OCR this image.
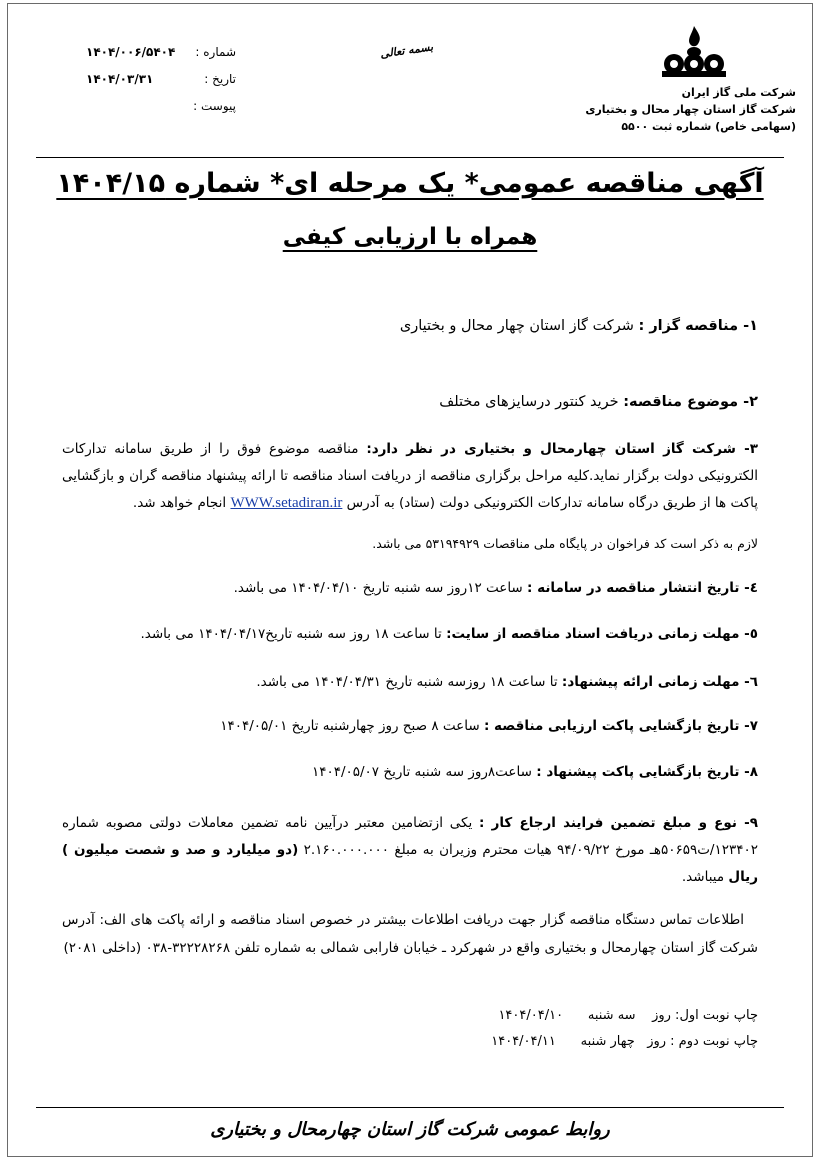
شرکت ملی گاز ایران
شرکت گاز استان چهار محال و بختیاری
(سهامی خاص) شماره ثبت ۵۵۰۰
بسمه تعالی
۱۴۰۴/۰۰۶/۵۴۰۴ شماره :
۱۴۰۴/۰۳/۳۱	تاریخ :
پیوست :
آگهی مناقصه عمومی* یک مرحله ای* شماره ۱۴۰۴/۱۵
همراه با ارزیابی کیفی
۱- مناقصه گزار : شرکت گاز استان چهار محال و بختیاری
۲- موضوع مناقصه: خرید کنتور درسایزهای مختلف
۳- شرکت گاز استان چهارمحال و بختیاری در نظر دارد: مناقصه موضوع فوق را از طریق سامانه تدارکات الکترونیکی دولت برگزار نماید.کلیه مراحل برگزاری مناقصه از دریافت اسناد مناقصه تا ارائه پیشنهاد مناقصه گران و بازگشایی پاکت ها از طریق درگاه سامانه تدارکات الکترونیکی دولت (ستاد) به آدرس WWW.setadiran.ir انجام خواهد شد.
لازم به ذکر است کد فراخوان در پایگاه ملی مناقصات ۵۳۱۹۴۹۲۹ می باشد.
٤- تاریخ انتشار مناقصه در سامانه : ساعت ۱۲روز سه شنبه تاریخ ۱۴۰۴/۰۴/۱۰ می باشد.
٥- مهلت زمانی دریافت اسناد مناقصه از سایت: تا ساعت ۱۸ روز سه شنبه تاریخ۱۴۰۴/۰۴/۱۷ می باشد.
٦- مهلت زمانی ارائه پیشنهاد: تا ساعت ۱۸ روزسه شنبه تاریخ ۱۴۰۴/۰۴/۳۱ می باشد.
۷- تاریخ بازگشایی پاکت ارزیابی مناقصه : ساعت ۸ صبح روز چهارشنبه تاریخ ۱۴۰۴/۰۵/۰۱
۸- تاریخ بازگشایی پاکت پیشنهاد : ساعت۸روز سه شنبه تاریخ ۱۴۰۴/۰۵/۰۷
۹- نوع و مبلغ تضمین فرایند ارجاع کار : یکی ازتضامین معتبر درآیین نامه تضمین معاملات دولتی مصوبه شماره ۱۲۳۴۰۲/ت۵۰۶۵۹هـ مورخ ۹۴/۰۹/۲۲ هیات محترم وزیران به مبلغ ۲.۱۶۰.۰۰۰.۰۰۰ (دو میلیارد و صد و شصت میلیون ) ریال میباشد.
اطلاعات تماس دستگاه مناقصه گزار جهت دریافت اطلاعات بیشتر در خصوص اسناد مناقصه و ارائه پاکت های الف: آدرس شرکت گاز استان چهارمحال و بختیاری واقع در شهرکرد ـ خیابان فارابی شمالی به شماره تلفن ۳۲۲۲۸۲۶۸-۰۳۸ (داخلی ۲۰۸۱)
چاپ نوبت اول: روز    سه شنبه      ۱۴۰۴/۰۴/۱۰
چاپ نوبت دوم : روز   چهار شنبه      ۱۴۰۴/۰۴/۱۱
روابط عمومی شرکت گاز استان چهارمحال و بختیاری
